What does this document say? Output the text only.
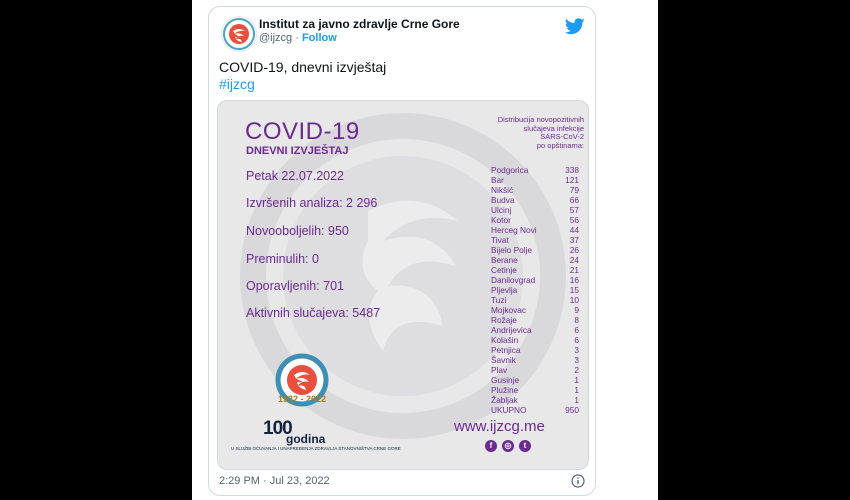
Institut za javno zdravlje Crne Gore
@ijzcg · Follow
COVID-19, dnevni izvještaj
#ijzcg
COVID-19
DNEVNI IZVJEŠTAJ
Petak 22.07.2022
Izvršenih analiza: 2 296
Novooboljelih: 950
Preminulih: 0
Oporavljenih: 701
Aktivnih slučajeva: 5487
Distribucija novopozitivnih
slučajeva infekcije
SARS-CoV-2
po opštinama:
Podgorica	338
Bar	121
Nikšić	79
Budva	66
Ulcinj	57
Kotor	56
Herceg Novi	44
Tivat	37
Bijelo Polje	26
Berane	24
Cetinje	21
Danilovgrad	16
Pljevlja	15
Tuzi	10
Mojkovac	9
Rožaje	8
Andrijevica	6
Kolašin	6
Petnjica	3
Šavnik	3
Plav	2
Gusinje	1
Plužine	1
Žabljak	1
UKUPNO	950
1922 - 2022
100
godina
U SLUŽBI OČUVANJA I UNAPREĐENJA ZDRAVLJA STANOVNIŠTVA CRNE GORE
www.ijzcg.me
f	◎	t
2:29 PM · Jul 23, 2022
